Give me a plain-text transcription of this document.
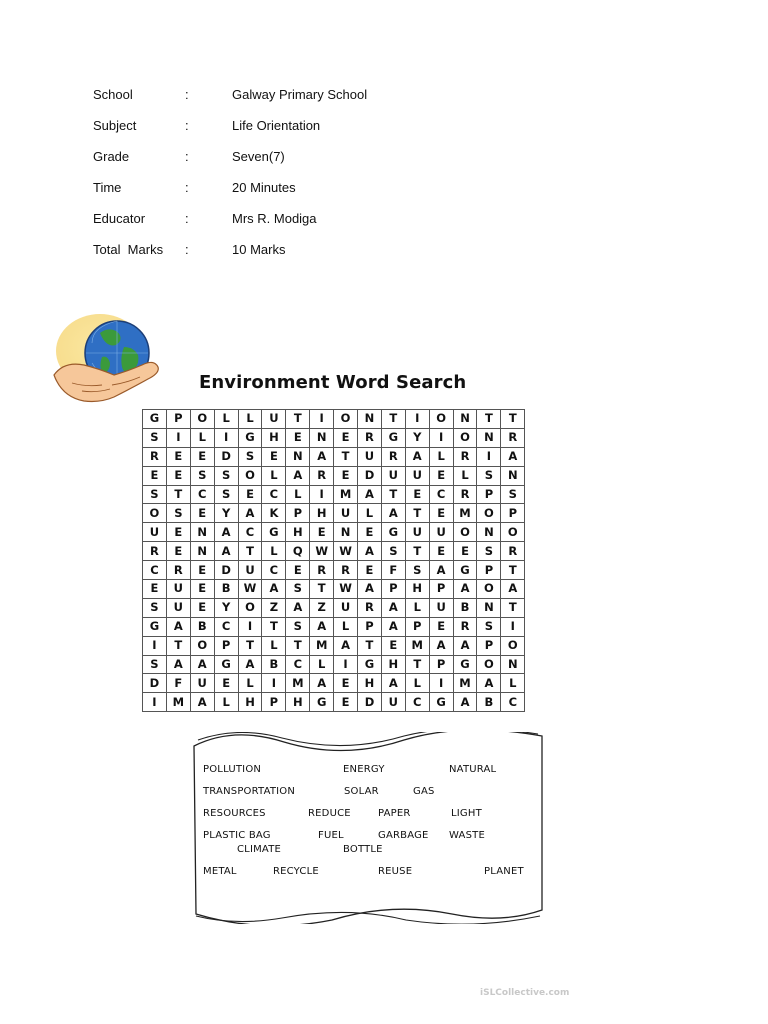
School	:	Galway Primary School
Subject	:	Life Orientation
Grade	:	Seven(7)
Time	:	20 Minutes
Educator	:	Mrs R. Modiga
Total  Marks :	10 Marks
Environment Word Search
G	P	O	L	L	U	T	I	O	N	T	I	O	N	T	T
S	I	L	I	G	H	E	N	E	R	G	Y	I	O	N	R
R	E	E	D	S	E	N	A	T	U	R	A	L	R	I	A
E	E	S	S	O	L	A	R	E	D	U	U	E	L	S	N
S	T	C	S	E	C	L	I	M	A	T	E	C	R	P	S
O	S	E	Y	A	K	P	H	U	L	A	T	E	M	O	P
U	E	N	A	C	G	H	E	N	E	G	U	U	O	N	O
R	E	N	A	T	L	Q	W	W	A	S	T	E	E	S	R
C	R	E	D	U	C	E	R	R	E	F	S	A	G	P	T
E	U	E	B	W	A	S	T	W	A	P	H	P	A	O	A
S	U	E	Y	O	Z	A	Z	U	R	A	L	U	B	N	T
G	A	B	C	I	T	S	A	L	P	A	P	E	R	S	I
I	T	O	P	T	L	T	M	A	T	E	M	A	A	P	O
S	A	A	G	A	B	C	L	I	G	H	T	P	G	O	N
D	F	U	E	L	I	M	A	E	H	A	L	I	M	A	L
I	M	A	L	H	P	H	G	E	D	U	C	G	A	B	C
POLLUTION	ENERGY	NATURAL
TRANSPORTATION	SOLAR	GAS
RESOURCES	REDUCE	PAPER	LIGHT
PLASTIC BAG	FUEL	GARBAGE WASTE
CLIMATE	BOTTLE
METAL	RECYCLE	REUSE	PLANET
iSLCollective.com
